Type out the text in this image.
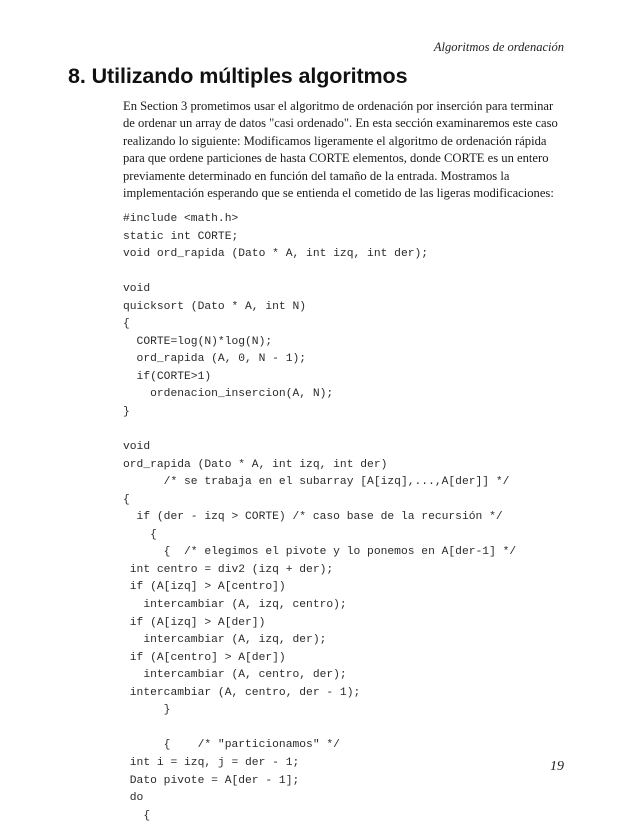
Algoritmos de ordenación
8. Utilizando múltiples algoritmos
En Section 3 prometimos usar el algoritmo de ordenación por inserción para terminar
de ordenar un array de datos "casi ordenado". En esta sección examinaremos este caso
realizando lo siguiente: Modificamos ligeramente el algoritmo de ordenación rápida
para que ordene particiones de hasta CORTE elementos, donde CORTE es un entero
previamente determinado en función del tamaño de la entrada. Mostramos la
implementación esperando que se entienda el cometido de las ligeras modificaciones:
#include <math.h>
static int CORTE;
void ord_rapida (Dato * A, int izq, int der);
void
quicksort (Dato * A, int N)
{
CORTE=log(N)*log(N);
ord_rapida (A, 0, N - 1);
if(CORTE>1)
ordenacion_insercion(A, N);
}
void
ord_rapida (Dato * A, int izq, int der)
/* se trabaja en el subarray [A[izq],...,A[der]] */
{
if (der - izq > CORTE) /* caso base de la recursión */
{
{  /* elegimos el pivote y lo ponemos en A[der-1] */
int centro = div2 (izq + der);
if (A[izq] > A[centro])
intercambiar (A, izq, centro);
if (A[izq] > A[der])
intercambiar (A, izq, der);
if (A[centro] > A[der])
intercambiar (A, centro, der);
intercambiar (A, centro, der - 1);
}
{    /* "particionamos" */
int i = izq, j = der - 1;
Dato pivote = A[der - 1];
do
{
19
